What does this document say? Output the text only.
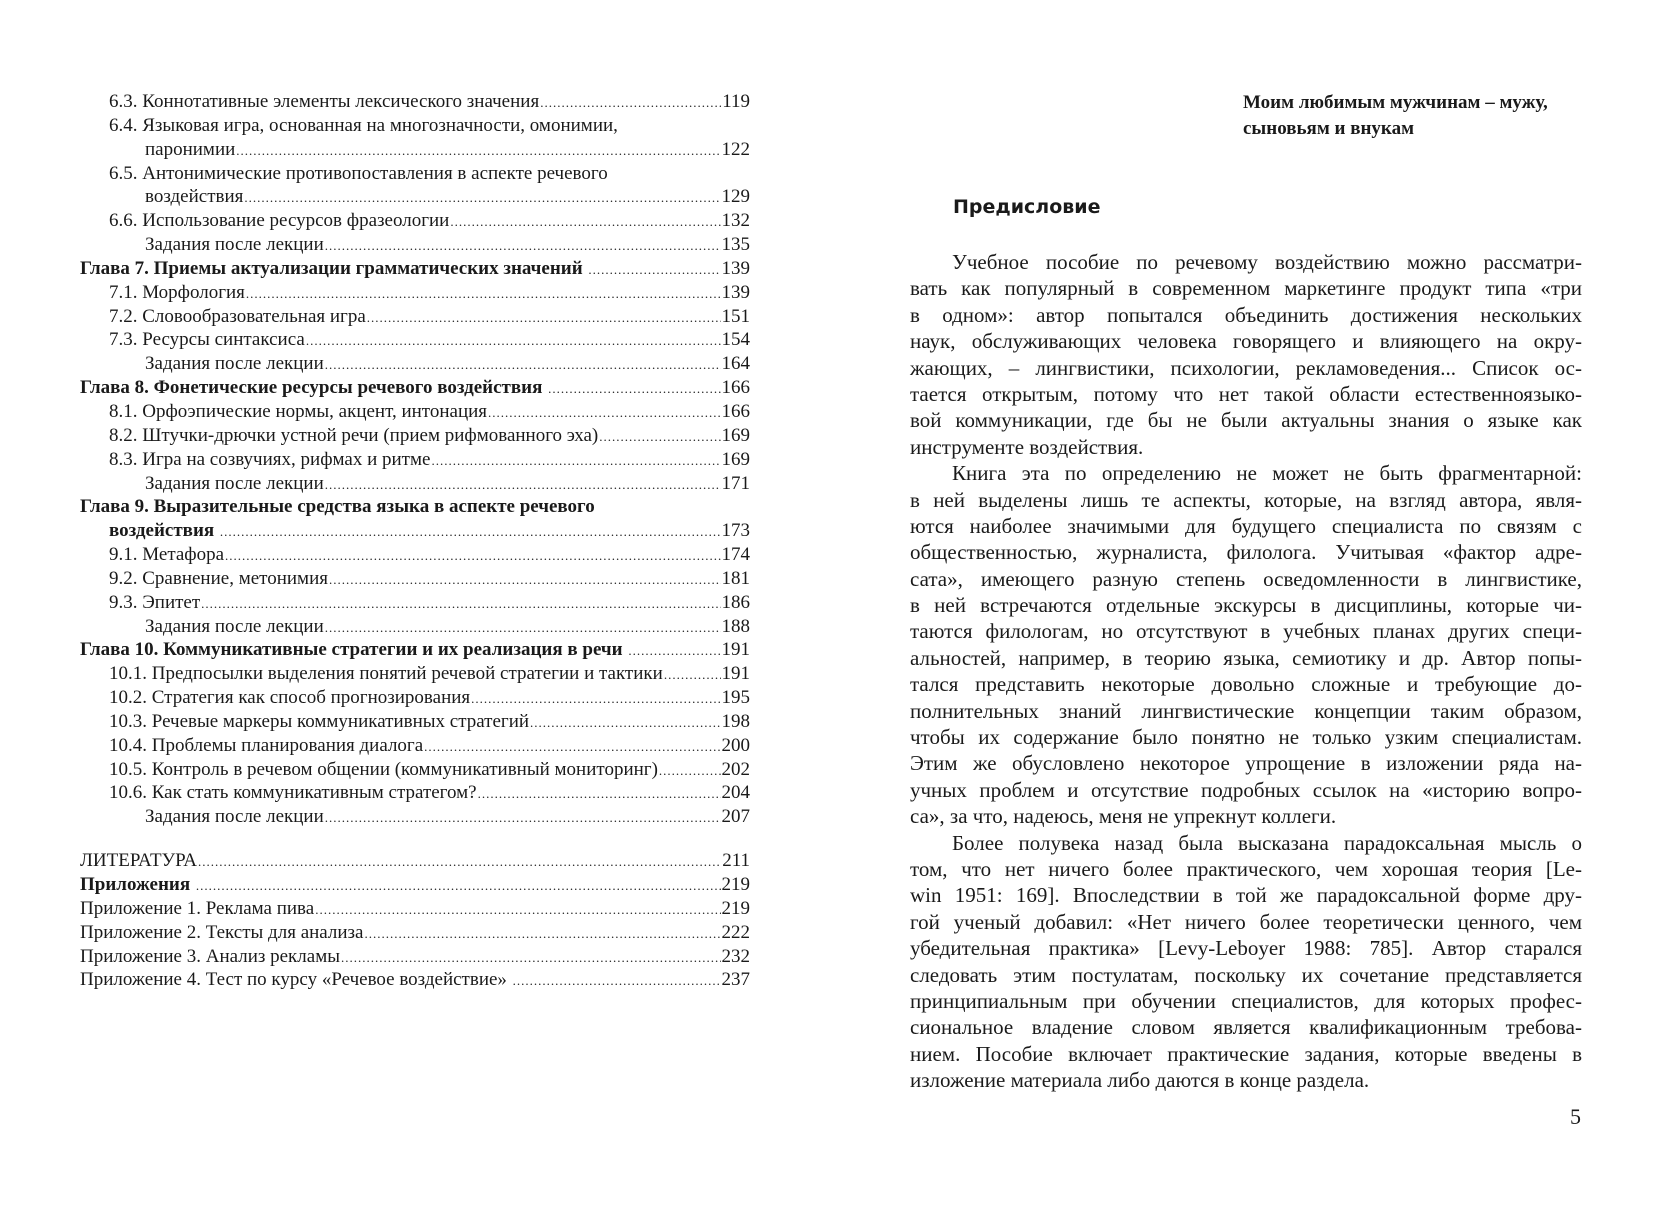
6.3. Коннотативные элементы лексического значения .....	119
6.4. Языковая игра, основанная на многозначности, омонимии,
паронимии .....	122
6.5. Антонимические противопоставления в аспекте речевого
воздействия .....	129
6.6. Использование ресурсов фразеологии .....	132
Задания после лекции .....	135
Глава 7. Приемы актуализации грамматических значений .....	139
7.1. Морфология .....	139
7.2. Словообразовательная игра .....	151
7.3. Ресурсы синтаксиса .....	154
Задания после лекции .....	164
Глава 8. Фонетические ресурсы речевого воздействия .....	166
8.1. Орфоэпические нормы, акцент, интонация .....	166
8.2. Штучки-дрючки устной речи (прием рифмованного эха) .....	169
8.3. Игра на созвучиях, рифмах и ритме .....	169
Задания после лекции .....	171
Глава 9. Выразительные средства языка в аспекте речевого
воздействия .....	173
9.1. Метафора .....	174
9.2. Сравнение, метонимия .....	181
9.3. Эпитет .....	186
Задания после лекции .....	188
Глава 10. Коммуникативные стратегии и их реализация в речи .....	191
10.1. Предпосылки выделения понятий речевой стратегии и тактики .....	191
10.2. Стратегия как способ прогнозирования .....	195
10.3. Речевые маркеры коммуникативных стратегий .....	198
10.4. Проблемы планирования диалога .....	200
10.5. Контроль в речевом общении (коммуникативный мониторинг) .....	202
10.6. Как стать коммуникативным стратегом? .....	204
Задания после лекции .....	207
ЛИТЕРАТУРА .....	211
Приложения .....	219
Приложение 1. Реклама пива .....	219
Приложение 2. Тексты для анализа .....	222
Приложение 3. Анализ рекламы .....	232
Приложение 4. Тест по курсу «Речевое воздействие» .....	237
Моим любимым мужчинам – мужу,
сыновьям и внукам
Предисловие
Учебное пособие по речевому воздействию можно рассматри-
вать как популярный в современном маркетинге продукт типа «три
в одном»: автор попытался объединить достижения нескольких
наук, обслуживающих человека говорящего и влияющего на окру-
жающих, – лингвистики, психологии, рекламоведения... Список ос-
тается открытым, потому что нет такой области естественноязыко-
вой коммуникации, где бы не были актуальны знания о языке как
инструменте воздействия.
Книга эта по определению не может не быть фрагментарной:
в ней выделены лишь те аспекты, которые, на взгляд автора, явля-
ются наиболее значимыми для будущего специалиста по связям с
общественностью, журналиста, филолога. Учитывая «фактор адре-
сата», имеющего разную степень осведомленности в лингвистике,
в ней встречаются отдельные экскурсы в дисциплины, которые чи-
таются филологам, но отсутствуют в учебных планах других специ-
альностей, например, в теорию языка, семиотику и др. Автор попы-
тался представить некоторые довольно сложные и требующие до-
полнительных знаний лингвистические концепции таким образом,
чтобы их содержание было понятно не только узким специалистам.
Этим же обусловлено некоторое упрощение в изложении ряда на-
учных проблем и отсутствие подробных ссылок на «историю вопро-
са», за что, надеюсь, меня не упрекнут коллеги.
Более полувека назад была высказана парадоксальная мысль о
том, что нет ничего более практического, чем хорошая теория [Le-
win 1951: 169]. Впоследствии в той же парадоксальной форме дру-
гой ученый добавил: «Нет ничего более теоретически ценного, чем
убедительная практика» [Levy-Leboyer 1988: 785]. Автор старался
следовать этим постулатам, поскольку их сочетание представляется
принципиальным при обучении специалистов, для которых профес-
сиональное владение словом является квалификационным требова-
нием. Пособие включает практические задания, которые введены в
изложение материала либо даются в конце раздела.
5
